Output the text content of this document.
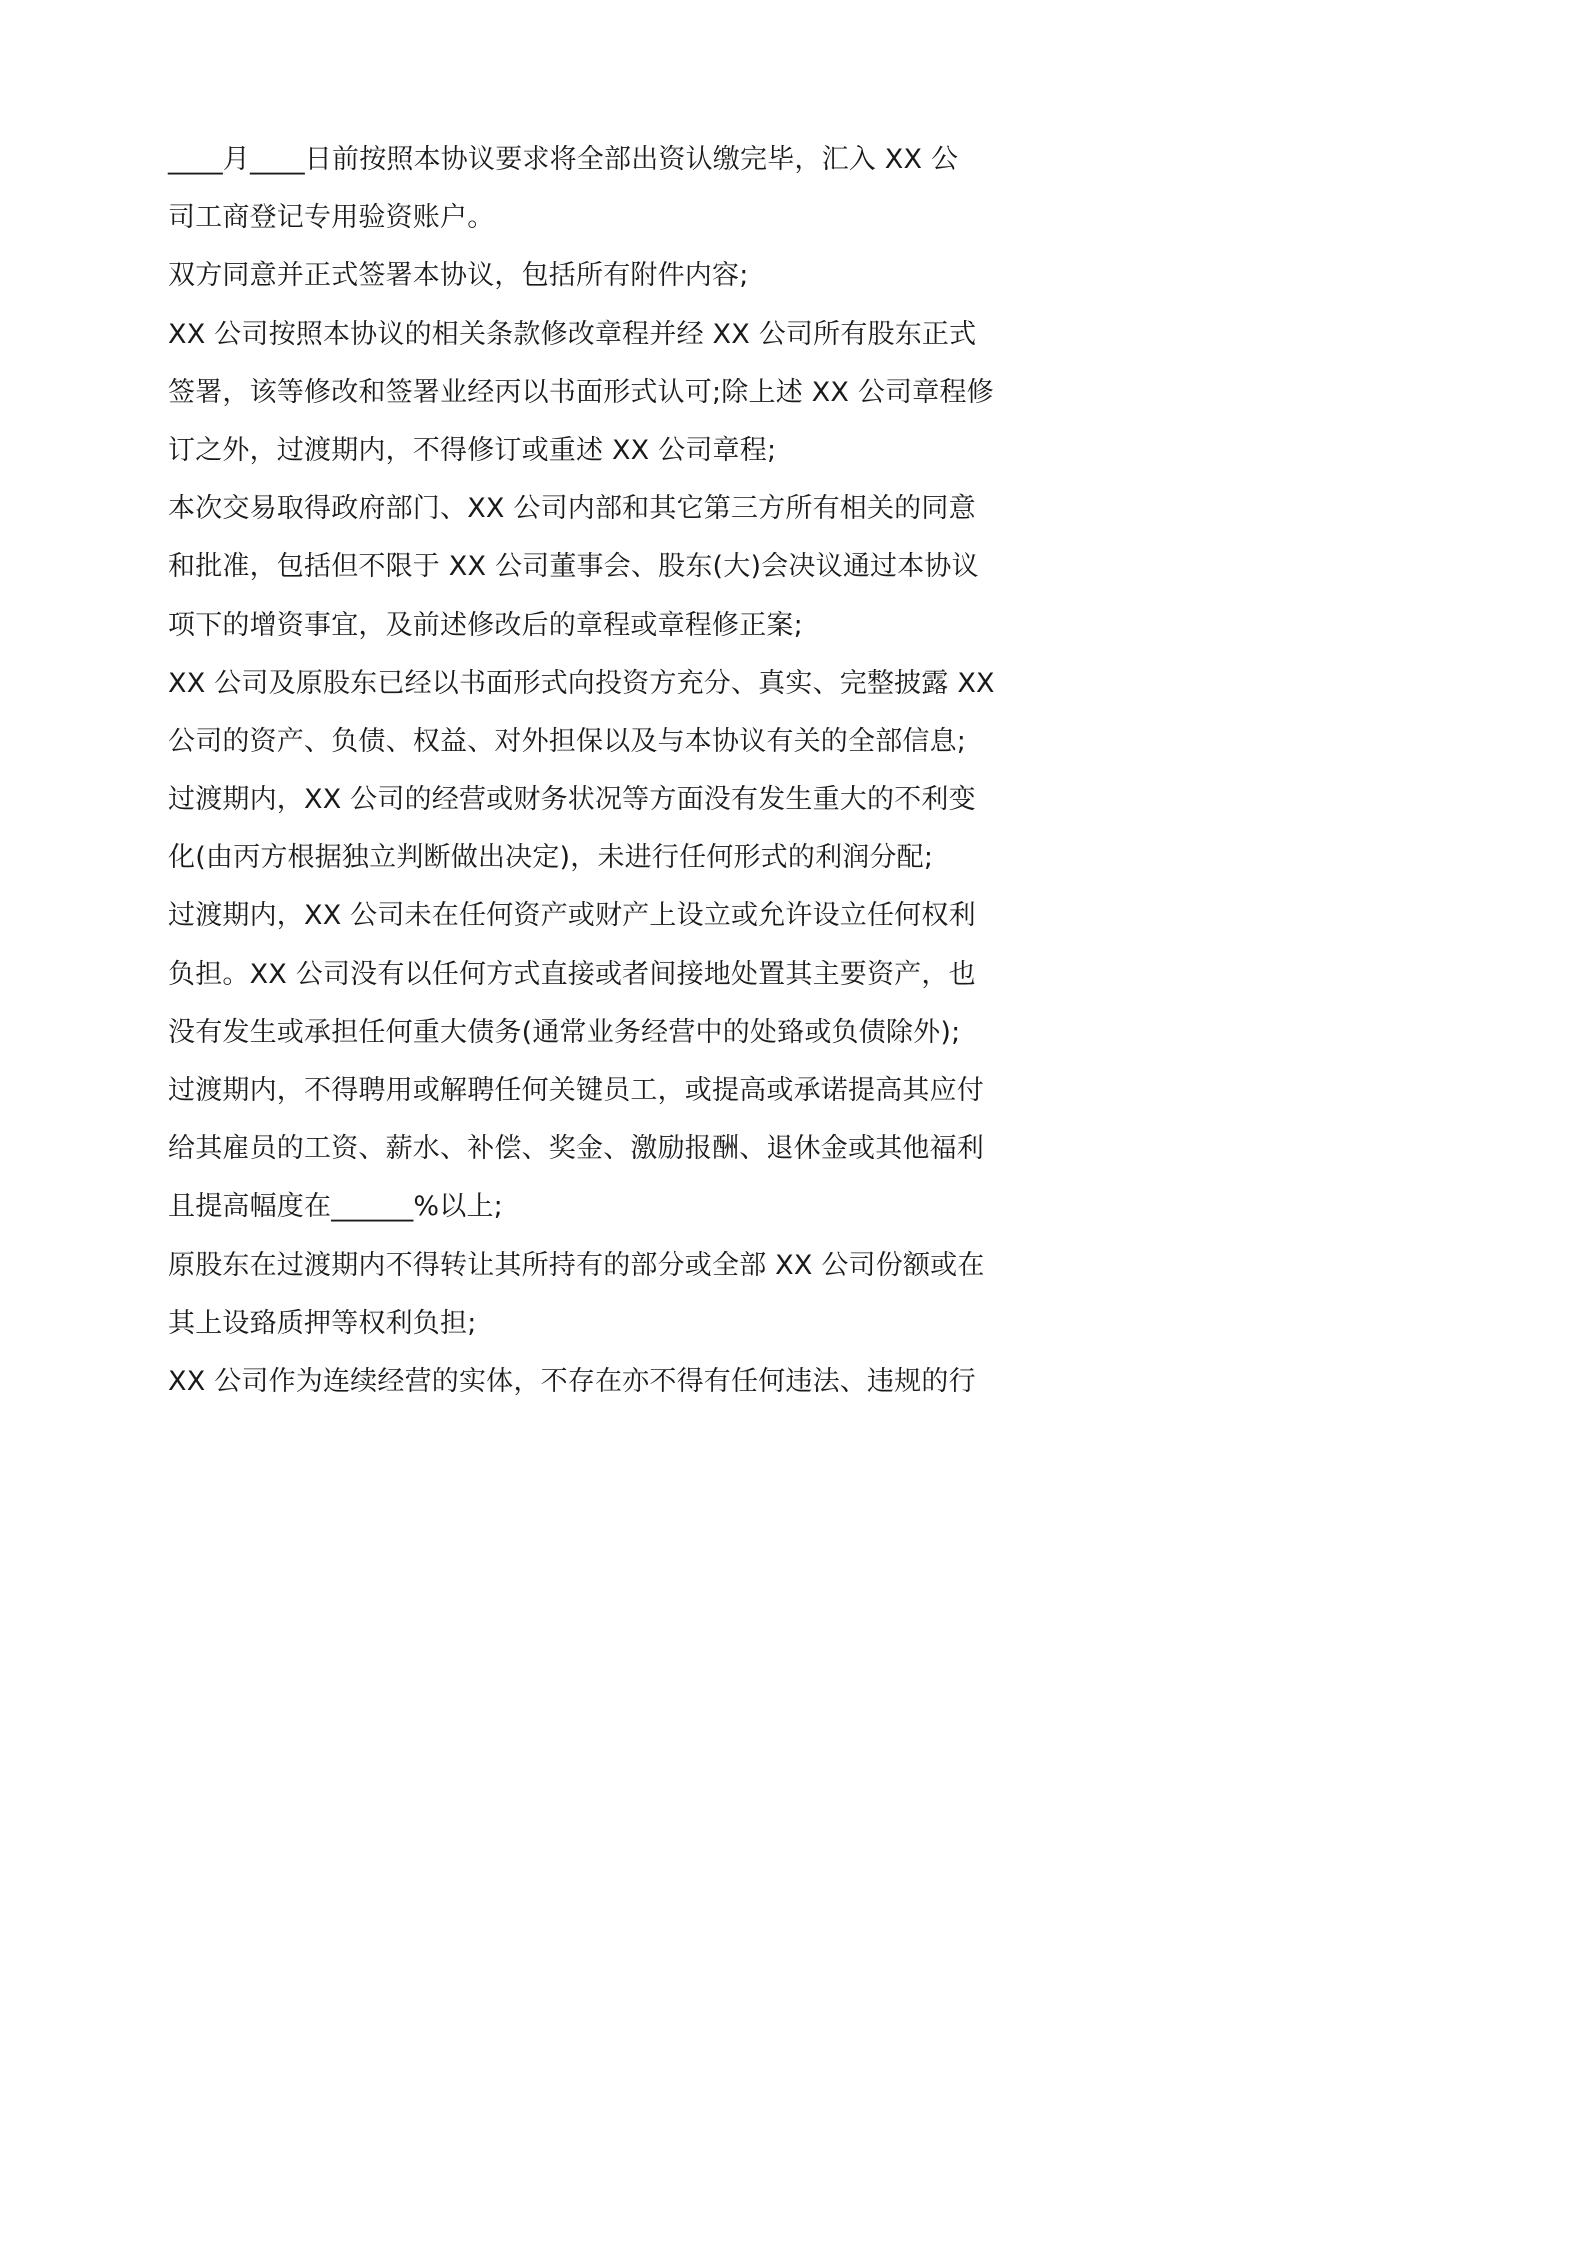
____月____日前按照本协议要求将全部出资认缴完毕，汇入 XX 公
司工商登记专用验资账户。
双方同意并正式签署本协议，包括所有附件内容;
XX 公司按照本协议的相关条款修改章程并经 XX 公司所有股东正式
签署，该等修改和签署业经丙以书面形式认可;除上述 XX 公司章程修
订之外，过渡期内，不得修订或重述 XX 公司章程;
本次交易取得政府部门、XX 公司内部和其它第三方所有相关的同意
和批准，包括但不限于 XX 公司董事会、股东(大)会决议通过本协议
项下的增资事宜，及前述修改后的章程或章程修正案;
XX 公司及原股东已经以书面形式向投资方充分、真实、完整披露 XX
公司的资产、负债、权益、对外担保以及与本协议有关的全部信息;
过渡期内，XX 公司的经营或财务状况等方面没有发生重大的不利变
化(由丙方根据独立判断做出决定)，未进行任何形式的利润分配;
过渡期内，XX 公司未在任何资产或财产上设立或允许设立任何权利
负担。XX 公司没有以任何方式直接或者间接地处置其主要资产，也
没有发生或承担任何重大债务(通常业务经营中的处臵或负债除外);
过渡期内，不得聘用或解聘任何关键员工，或提高或承诺提高其应付
给其雇员的工资、薪水、补偿、奖金、激励报酬、退休金或其他福利
且提高幅度在______%以上;
原股东在过渡期内不得转让其所持有的部分或全部 XX 公司份额或在
其上设臵质押等权利负担;
XX 公司作为连续经营的实体，不存在亦不得有任何违法、违规的行
